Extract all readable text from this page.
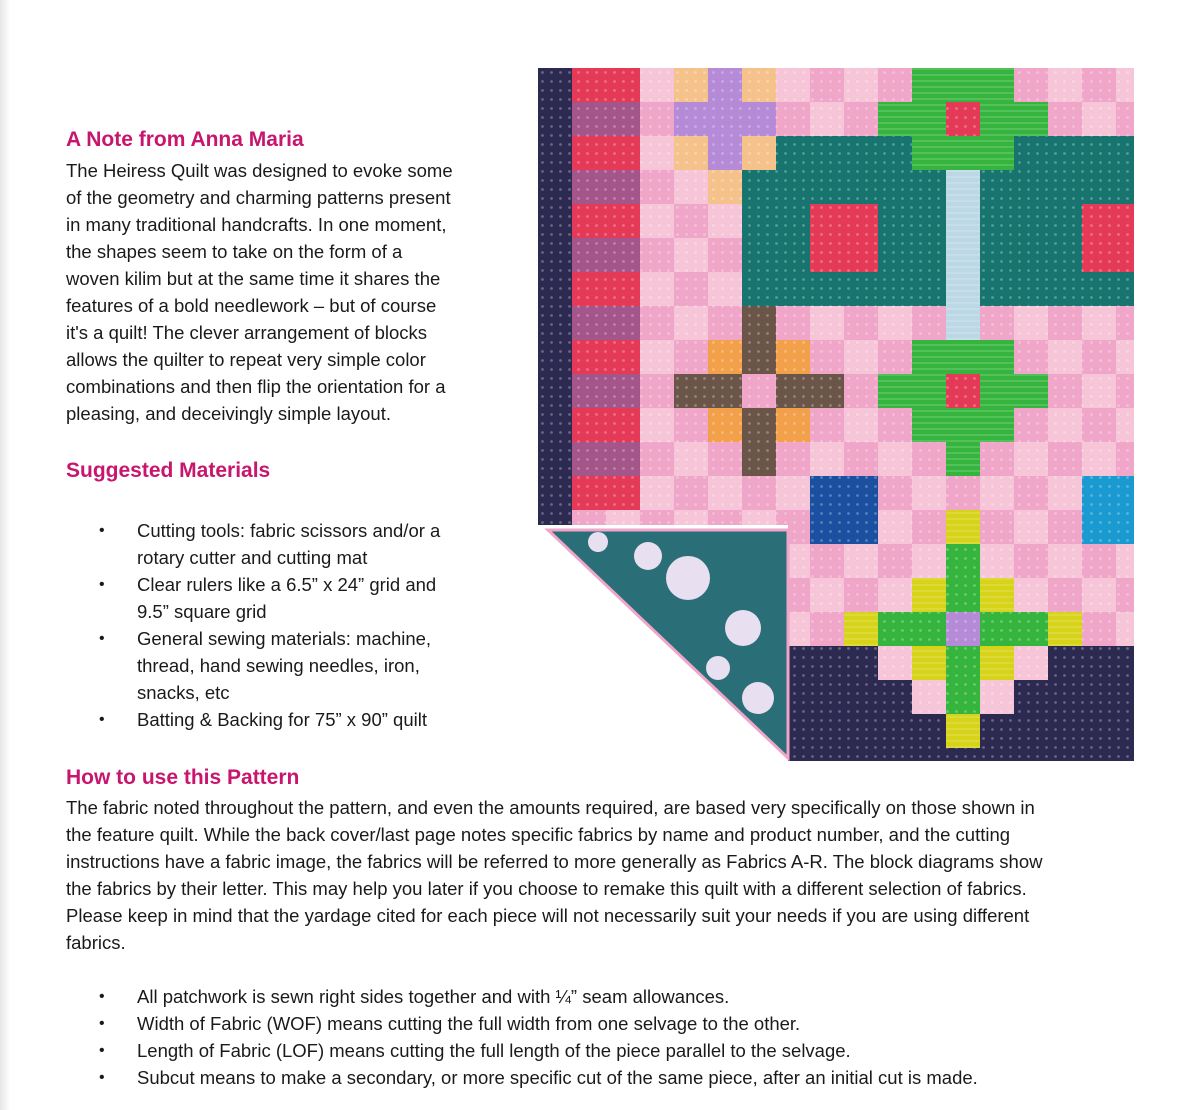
A Note from Anna Maria
The Heiress Quilt was designed to evoke some
of the geometry and charming patterns present
in many traditional handcrafts. In one moment,
the shapes seem to take on the form of a
woven kilim but at the same time it shares the
features of a bold needlework – but of course
it's a quilt! The clever arrangement of blocks
allows the quilter to repeat very simple color
combinations and then flip the orientation for a
pleasing, and deceivingly simple layout.
Suggested Materials
• Cutting tools: fabric scissors and/or a
rotary cutter and cutting mat
• Clear rulers like a 6.5” x 24” grid and
9.5” square grid
• General sewing materials: machine,
thread, hand sewing needles, iron,
snacks, etc
• Batting & Backing for 75” x 90” quilt
How to use this Pattern
The fabric noted throughout the pattern, and even the amounts required, are based very specifically on those shown in
the feature quilt. While the back cover/last page notes specific fabrics by name and product number, and the cutting
instructions have a fabric image, the fabrics will be referred to more generally as Fabrics A-R. The block diagrams show
the fabrics by their letter. This may help you later if you choose to remake this quilt with a different selection of fabrics.
Please keep in mind that the yardage cited for each piece will not necessarily suit your needs if you are using different
fabrics.
• All patchwork is sewn right sides together and with ¼” seam allowances.
• Width of Fabric (WOF) means cutting the full width from one selvage to the other.
• Length of Fabric (LOF) means cutting the full length of the piece parallel to the selvage.
• Subcut means to make a secondary, or more specific cut of the same piece, after an initial cut is made.
